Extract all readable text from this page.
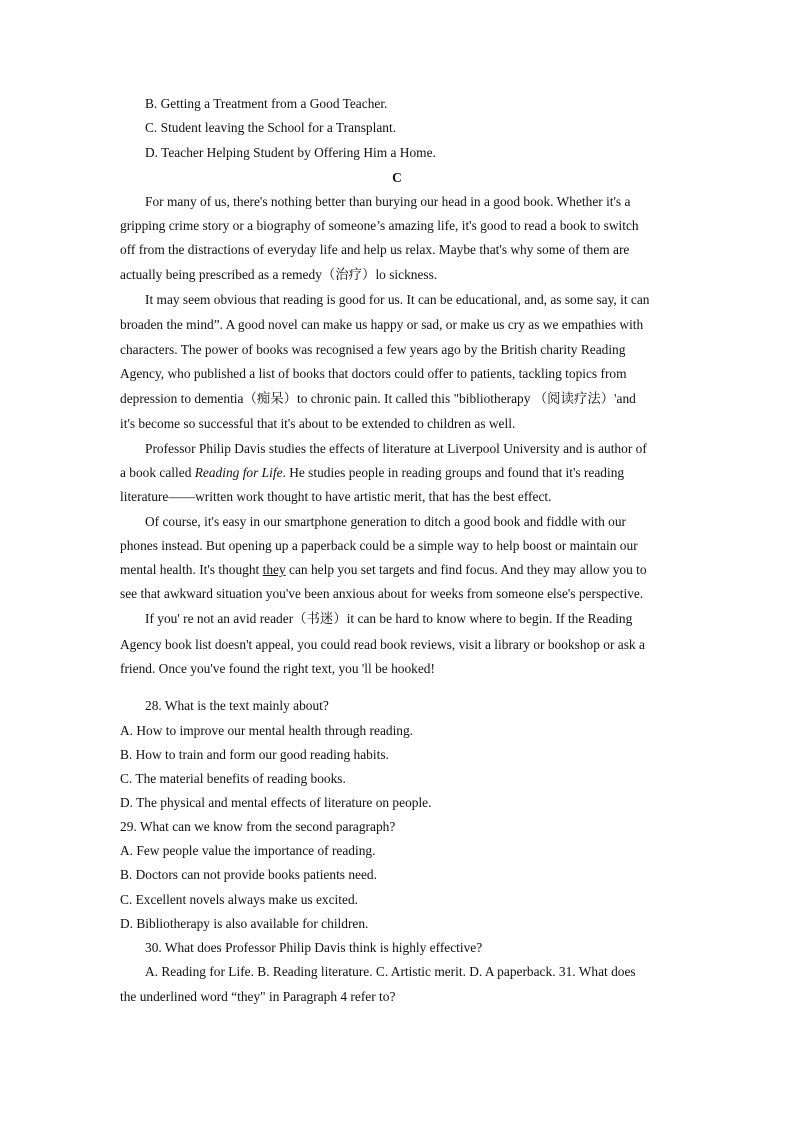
B. Getting a Treatment from a Good Teacher.
C. Student leaving the School for a Transplant.
D. Teacher Helping Student by Offering Him a Home.
C
For many of us, there's nothing better than burying our head in a good book. Whether it's a
gripping crime story or a biography of someone’s amazing life, it's good to read a book to switch
off from the distractions of everyday life and help us relax. Maybe that's why some of them are
actually being prescribed as a remedy（治疗）lo sickness.
It may seem obvious that reading is good for us. It can be educational, and, as some say, it can
broaden the mind”. A good novel can make us happy or sad, or make us cry as we empathies with
characters. The power of books was recognised a few years ago by the British charity Reading
Agency, who published a list of books that doctors could offer to patients, tackling topics from
depression to dementia（痴呆）to chronic pain. It called this "bibliotherapy （阅读疗法）'and
it's become so successful that it's about to be extended to children as well.
Professor Philip Davis studies the effects of literature at Liverpool University and is author of
a book called Reading for Life. He studies people in reading groups and found that it's reading
literature——written work thought to have artistic merit, that has the best effect.
Of course, it's easy in our smartphone generation to ditch a good book and fiddle with our
phones instead. But opening up a paperback could be a simple way to help boost or maintain our
mental health. It's thought they can help you set targets and find focus. And they may allow you to
see that awkward situation you've been anxious about for weeks from someone else's perspective.
If you' re not an avid reader（书迷）it can be hard to know where to begin. If the Reading
Agency book list doesn't appeal, you could read book reviews, visit a library or bookshop or ask a
friend. Once you've found the right text, you 'll be hooked!
28. What is the text mainly about?
A. How to improve our mental health through reading.
B. How to train and form our good reading habits.
C. The material benefits of reading books.
D. The physical and mental effects of literature on people.
29. What can we know from the second paragraph?
A. Few people value the importance of reading.
B. Doctors can not provide books patients need.
C. Excellent novels always make us excited.
D. Bibliotherapy is also available for children.
30. What does Professor Philip Davis think is highly effective?
A. Reading for Life. B. Reading literature. C. Artistic merit. D. A paperback. 31. What does
the underlined word “they" in Paragraph 4 refer to?
